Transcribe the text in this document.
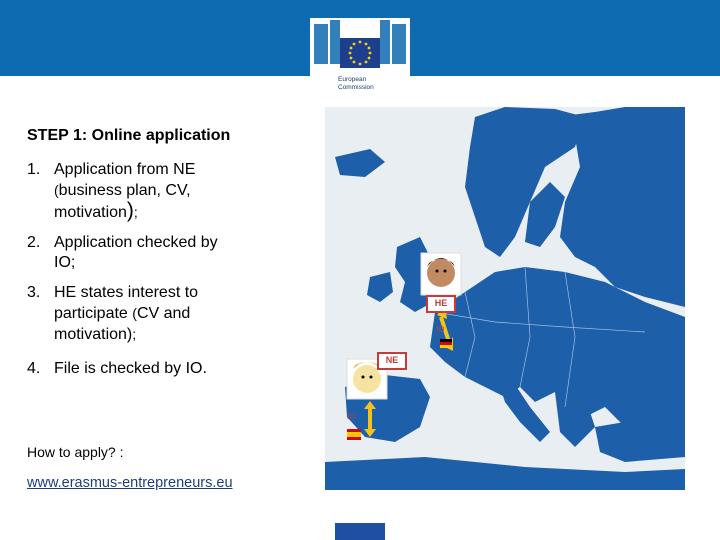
European
Commission
STEP 1: Online application
1. Application from NE
(business plan, CV,
motivation);
2. Application checked by
IO;
3. HE states interest to
participate (CV and
motivation);
4. File is checked by IO.
How to apply? :
www.erasmus-entrepreneurs.eu
HE
NE
IO
IO
